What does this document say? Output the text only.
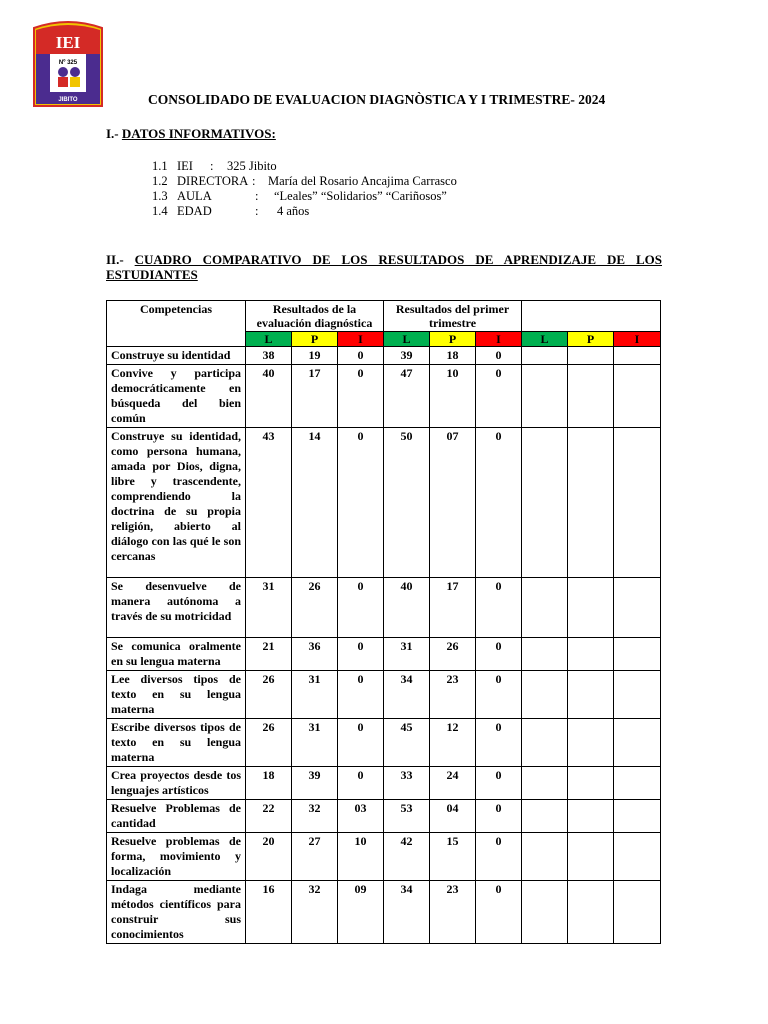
IEI
Nº 325
JIBITO	CONSOLIDADO DE EVALUACION DIAGNÒSTICA Y I TRIMESTRE- 2024
I.- DATOS INFORMATIVOS:
1.1 IEI : 325 Jibito
1.2 DIRECTORA : María del Rosario Ancajima Carrasco
1.3 AULA	: “Leales” “Solidarios” “Cariñosos”
1.4 EDAD	: 4 años
II.- CUADRO COMPARATIVO DE LOS RESULTADOS DE APRENDIZAJE DE LOS ESTUDIANTES
Competencias	Resultados de la evaluación diagnóstica			Resultados del primer trimestre					
	L	P	I	L	P	I	L	P	I
Construye su identidad	38	19	0	39	18	0			
Convive y participa democráticamente en búsqueda del bien común	40	17	0	47	10	0			
Construye su identidad, como persona humana, amada por Dios, digna, libre y trascendente, comprendiendo la doctrina de su propia religión, abierto al diálogo con las qué le son cercanas	43	14	0	50	07	0			
Se desenvuelve de manera autónoma a través de su motricidad	31	26	0	40	17	0			
Se comunica oralmente en su lengua materna	21	36	0	31	26	0			
Lee diversos tipos de texto en su lengua materna	26	31	0	34	23	0			
Escribe diversos tipos de texto en su lengua materna	26	31	0	45	12	0			
Crea proyectos desde tos lenguajes artísticos	18	39	0	33	24	0			
Resuelve Problemas de cantidad	22	32	03	53	04	0			
Resuelve problemas de forma, movimiento y localización	20	27	10	42	15	0			
Indaga mediante métodos científicos para construir sus conocimientos	16	32	09	34	23	0			
